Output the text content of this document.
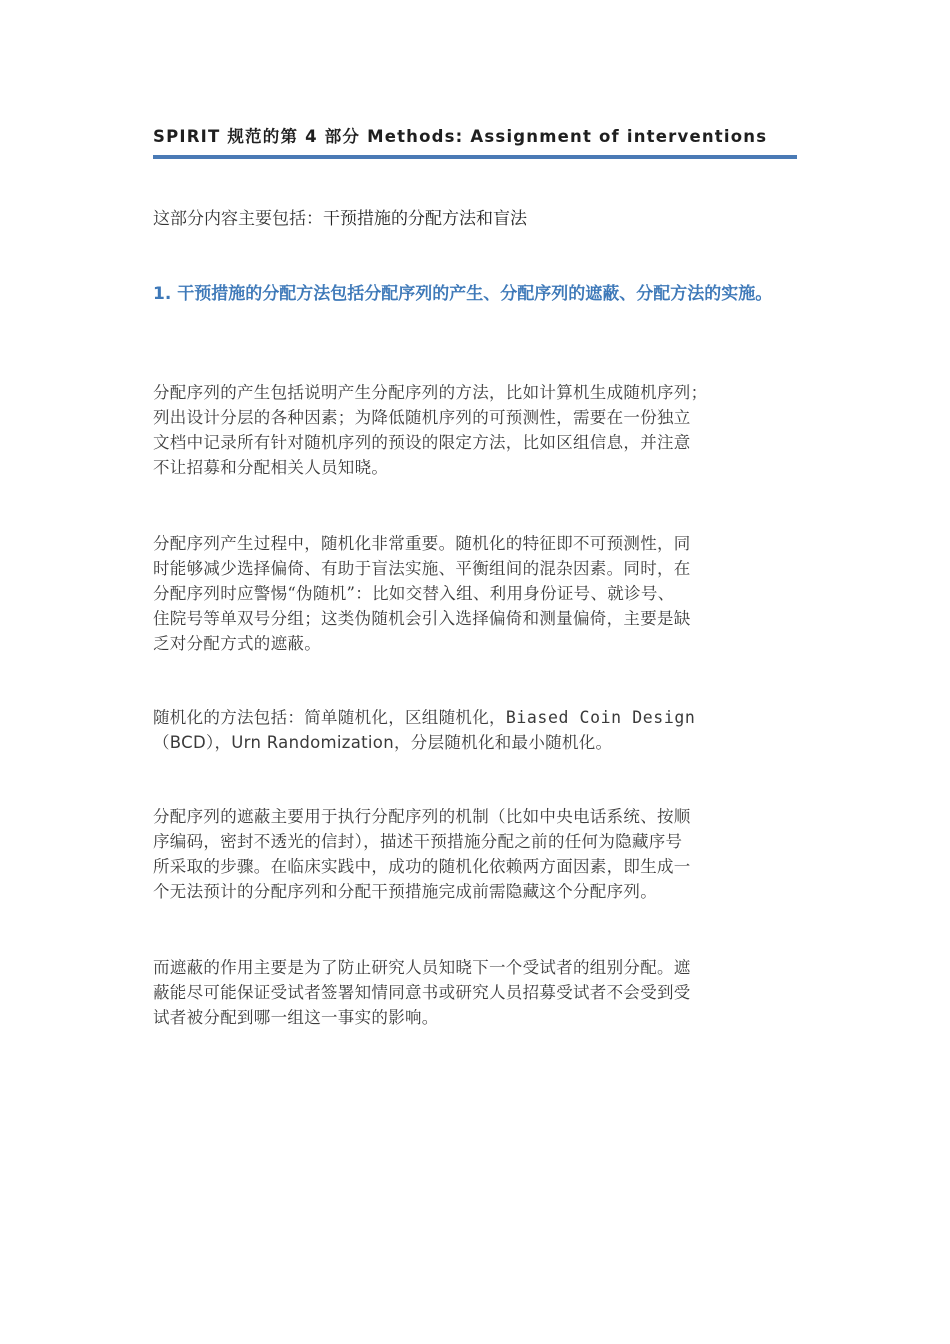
SPIRIT 规范的第 4 部分 Methods: Assignment of interventions
这部分内容主要包括：干预措施的分配方法和盲法
1. 干预措施的分配方法包括分配序列的产生、分配序列的遮蔽、分配方法的实施。
分配序列的产生包括说明产生分配序列的方法，比如计算机生成随机序列；
列出设计分层的各种因素；为降低随机序列的可预测性，需要在一份独立
文档中记录所有针对随机序列的预设的限定方法，比如区组信息，并注意
不让招募和分配相关人员知晓。
分配序列产生过程中，随机化非常重要。随机化的特征即不可预测性，同
时能够减少选择偏倚、有助于盲法实施、平衡组间的混杂因素。同时，在
分配序列时应警惕“伪随机”：比如交替入组、利用身份证号、就诊号、
住院号等单双号分组；这类伪随机会引入选择偏倚和测量偏倚，主要是缺
乏对分配方式的遮蔽。
随机化的方法包括：简单随机化，区组随机化，Biased Coin Design
（BCD），Urn Randomization，分层随机化和最小随机化。
分配序列的遮蔽主要用于执行分配序列的机制（比如中央电话系统、按顺
序编码，密封不透光的信封），描述干预措施分配之前的任何为隐藏序号
所采取的步骤。在临床实践中，成功的随机化依赖两方面因素，即生成一
个无法预计的分配序列和分配干预措施完成前需隐藏这个分配序列。
而遮蔽的作用主要是为了防止研究人员知晓下一个受试者的组别分配。遮
蔽能尽可能保证受试者签署知情同意书或研究人员招募受试者不会受到受
试者被分配到哪一组这一事实的影响。
